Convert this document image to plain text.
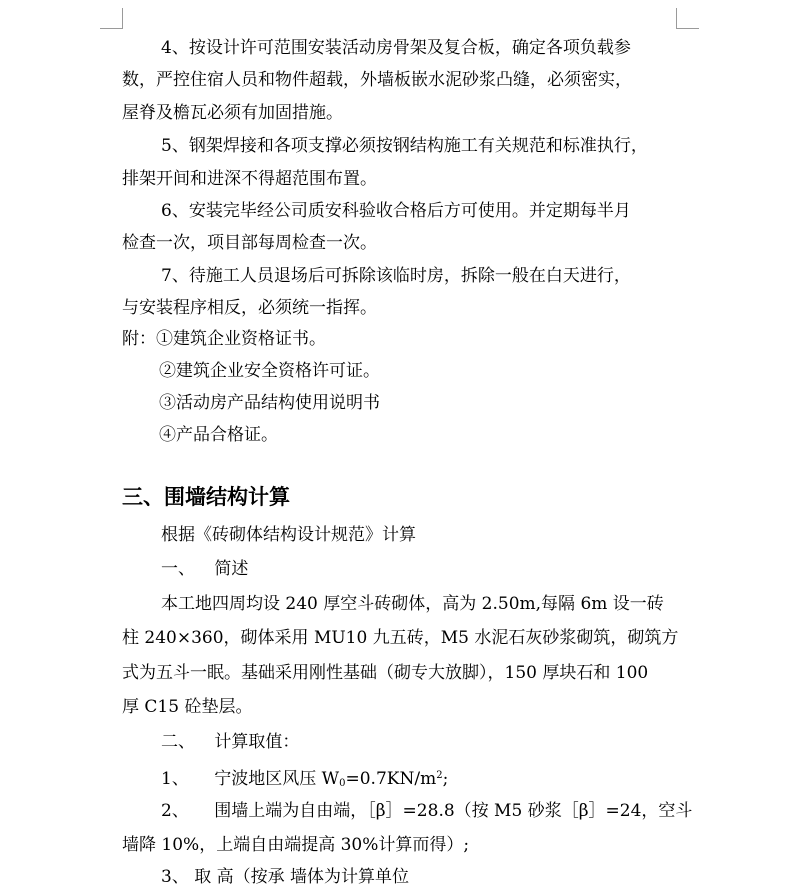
4、按设计许可范围安装活动房骨架及复合板，确定各项负载参
数，严控住宿人员和物件超载，外墙板嵌水泥砂浆凸缝，必须密实，
屋脊及檐瓦必须有加固措施。
5、钢架焊接和各项支撑必须按钢结构施工有关规范和标准执行，
排架开间和进深不得超范围布置。
6、安装完毕经公司质安科验收合格后方可使用。并定期每半月
检查一次，项目部每周检查一次。
7、待施工人员退场后可拆除该临时房，拆除一般在白天进行，
与安装程序相反，必须统一指挥。
附：①建筑企业资格证书。
②建筑企业安全资格许可证。
③活动房产品结构使用说明书
④产品合格证。
三、围墙结构计算
根据《砖砌体结构设计规范》计算
一、 简述
本工地四周均设 240 厚空斗砖砌体，高为 2.50m,每隔 6m 设一砖
柱 240×360，砌体采用 MU10 九五砖，M5 水泥石灰砂浆砌筑，砌筑方
式为五斗一眠。基础采用刚性基础（砌专大放脚），150 厚块石和 100
厚 C15 砼垫层。
二、 计算取值：
1、 宁波地区风压 $W_0=0.7KN/m^2$;
2、 围墙上端为自由端，［β］=28.8（按 M5 砂浆［β］=24，空斗
墙降 10%，上端自由端提高 30%计算而得）;
3、 取 高（按承 墙体为计算单位
